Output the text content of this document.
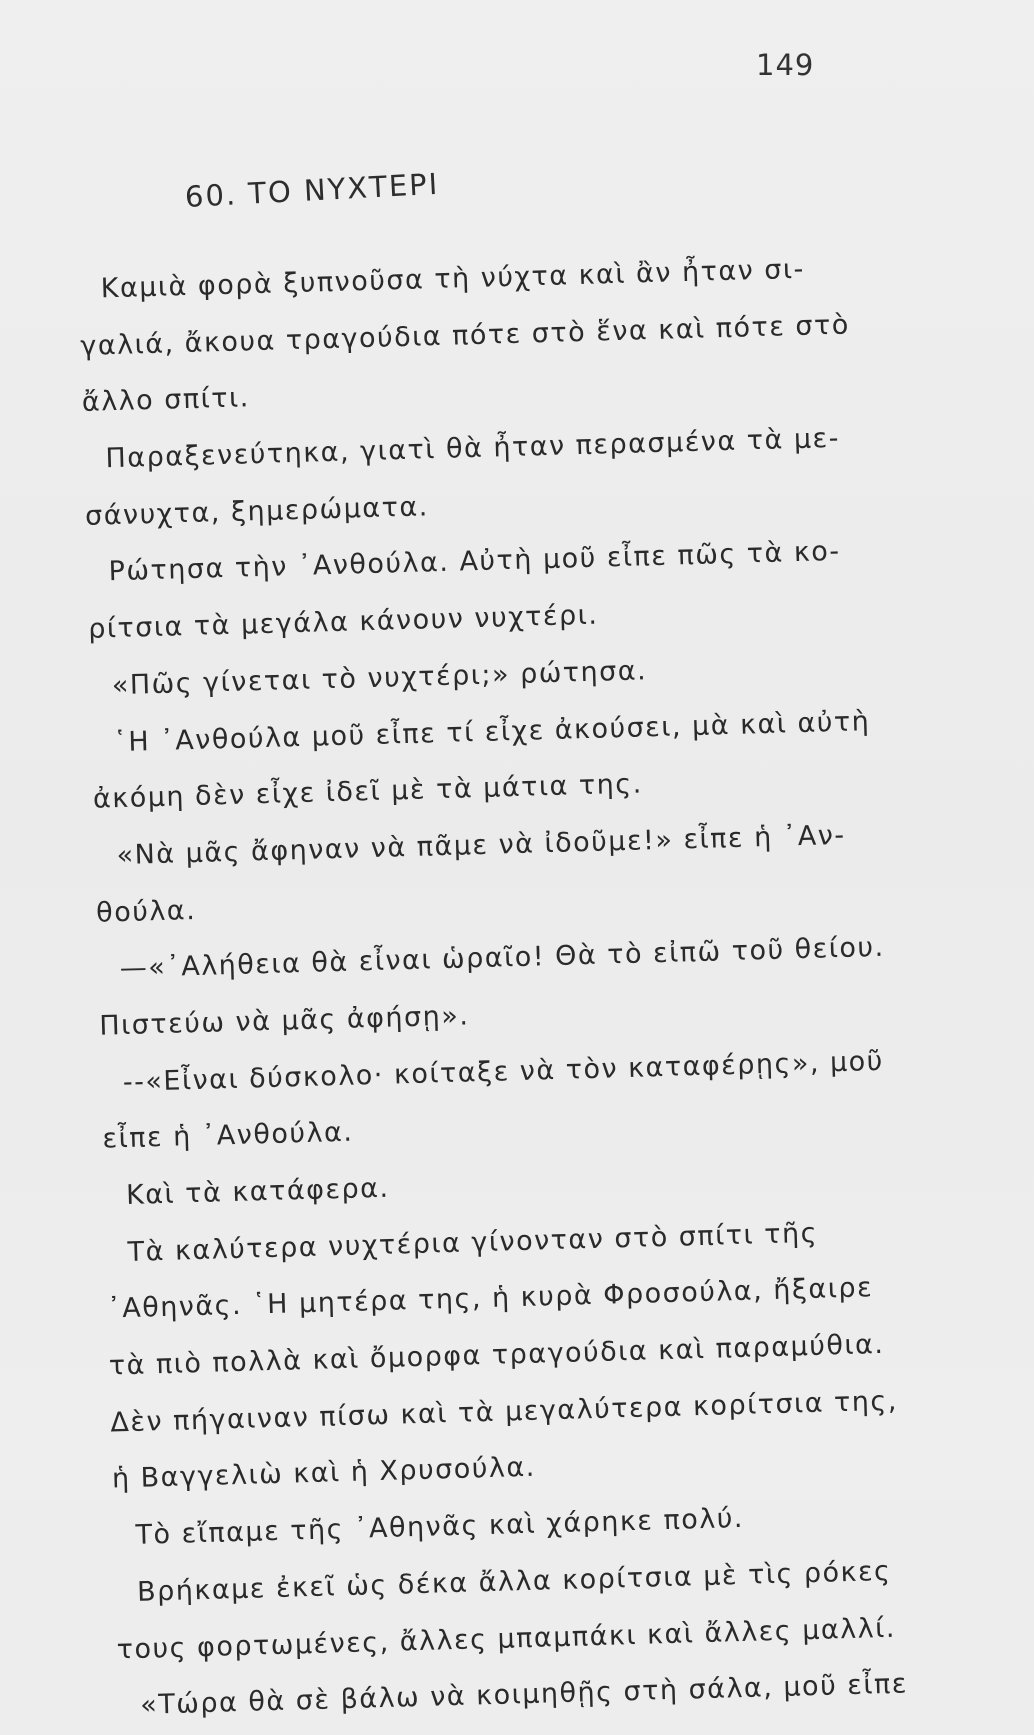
149
60. ΤΟ ΝΥΧΤΕΡΙ
Καμιὰ φορὰ ξυπνοῦσα τὴ νύχτα καὶ ἂν ἦταν σι-
γαλιά, ἄκουα τραγούδια πότε στὸ ἕνα καὶ πότε στὸ
ἄλλο σπίτι.
Παραξενεύτηκα, γιατὶ θὰ ἦταν περασμένα τὰ με-
σάνυχτα, ξημερώματα.
Ρώτησα τὴν ᾿Ανθούλα. Αὐτὴ μοῦ εἶπε πῶς τὰ κο-
ρίτσια τὰ μεγάλα κάνουν νυχτέρι.
«Πῶς γίνεται τὸ νυχτέρι;» ρώτησα.
῾Η ᾿Ανθούλα μοῦ εἶπε τί εἶχε ἀκούσει, μὰ καὶ αὐτὴ
ἀκόμη δὲν εἶχε ἰδεῖ μὲ τὰ μάτια της.
«Νὰ μᾶς ἄφηναν νὰ πᾶμε νὰ ἰδοῦμε!» εἶπε ἡ ᾿Αν-
θούλα.
—«᾿Αλήθεια θὰ εἶναι ὡραῖο! Θὰ τὸ εἰπῶ τοῦ θείου.
Πιστεύω νὰ μᾶς ἀφήσῃ».
--«Εἶναι δύσκολο· κοίταξε νὰ τὸν καταφέρῃς», μοῦ
εἶπε ἡ ᾿Ανθούλα.
Καὶ τὰ κατάφερα.
Τὰ καλύτερα νυχτέρια γίνονταν στὸ σπίτι τῆς
᾿Αθηνᾶς. ῾Η μητέρα της, ἡ κυρὰ Φροσούλα, ἤξαιρε
τὰ πιὸ πολλὰ καὶ ὄμορφα τραγούδια καὶ παραμύθια.
Δὲν πήγαιναν πίσω καὶ τὰ μεγαλύτερα κορίτσια της,
ἡ Βαγγελιὼ καὶ ἡ Χρυσούλα.
Τὸ εἴπαμε τῆς ᾿Αθηνᾶς καὶ χάρηκε πολύ.
Βρήκαμε ἐκεῖ ὡς δέκα ἄλλα κορίτσια μὲ τὶς ρόκες
τους φορτωμένες, ἄλλες μπαμπάκι καὶ ἄλλες μαλλί.
«Τώρα θὰ σὲ βάλω νὰ κοιμηθῇς στὴ σάλα, μοῦ εἶπε
